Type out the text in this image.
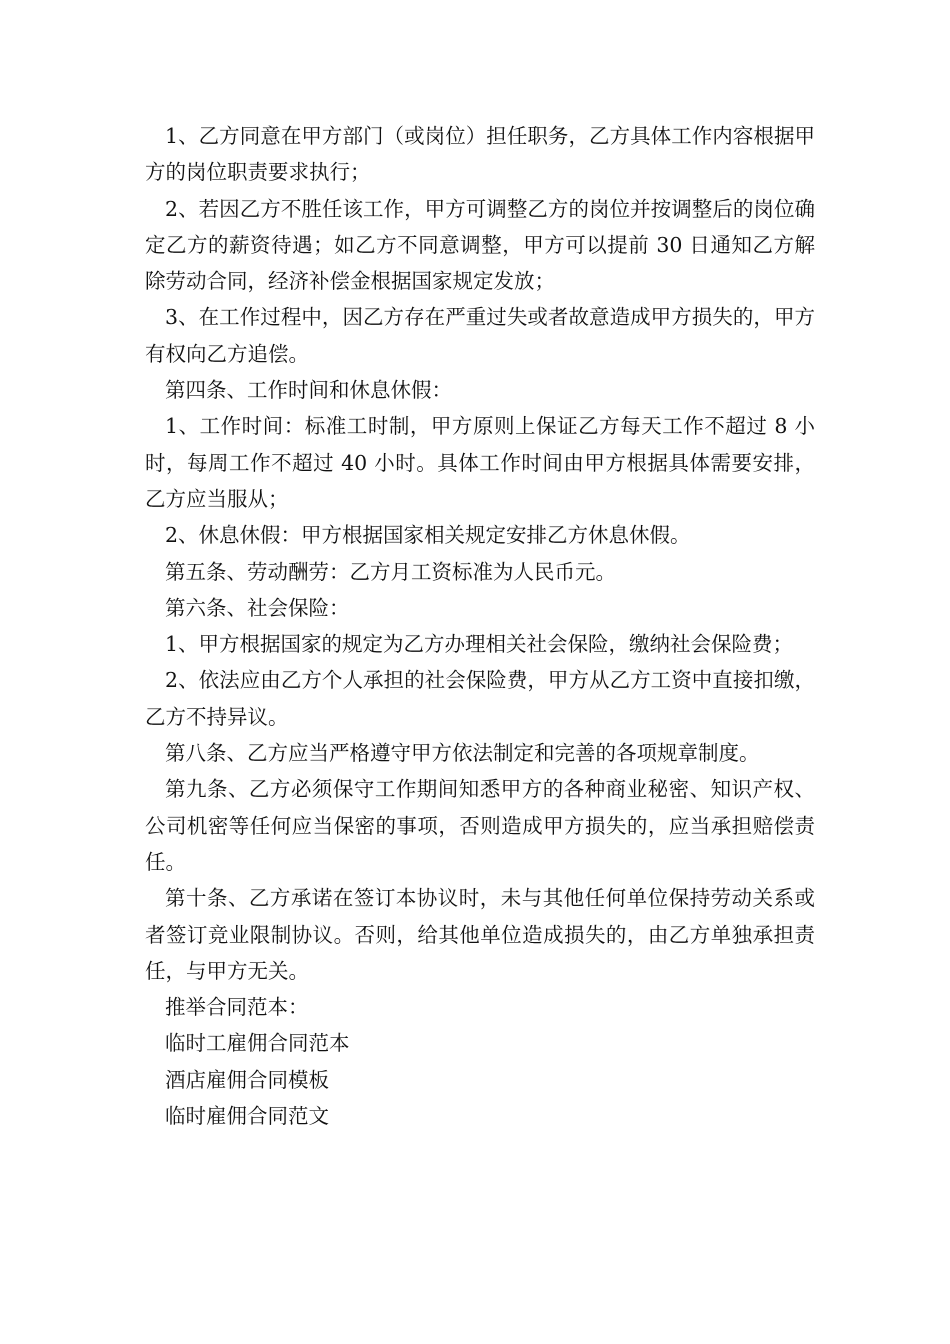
1、乙方同意在甲方部门（或岗位）担任职务，乙方具体工作内容根据甲方的岗位职责要求执行；

2、若因乙方不胜任该工作，甲方可调整乙方的岗位并按调整后的岗位确定乙方的薪资待遇；如乙方不同意调整，甲方可以提前 30 日通知乙方解除劳动合同，经济补偿金根据国家规定发放；

3、在工作过程中，因乙方存在严重过失或者故意造成甲方损失的，甲方有权向乙方追偿。

第四条、工作时间和休息休假：

1、工作时间：标准工时制，甲方原则上保证乙方每天工作不超过 8 小时，每周工作不超过 40 小时。具体工作时间由甲方根据具体需要安排，乙方应当服从；

2、休息休假：甲方根据国家相关规定安排乙方休息休假。

第五条、劳动酬劳：乙方月工资标准为人民币元。

第六条、社会保险：

1、甲方根据国家的规定为乙方办理相关社会保险，缴纳社会保险费；

2、依法应由乙方个人承担的社会保险费，甲方从乙方工资中直接扣缴，乙方不持异议。

第八条、乙方应当严格遵守甲方依法制定和完善的各项规章制度。

第九条、乙方必须保守工作期间知悉甲方的各种商业秘密、知识产权、公司机密等任何应当保密的事项，否则造成甲方损失的，应当承担赔偿责任。

第十条、乙方承诺在签订本协议时，未与其他任何单位保持劳动关系或者签订竞业限制协议。否则，给其他单位造成损失的，由乙方单独承担责任，与甲方无关。

推举合同范本：

临时工雇佣合同范本

酒店雇佣合同模板

临时雇佣合同范文
